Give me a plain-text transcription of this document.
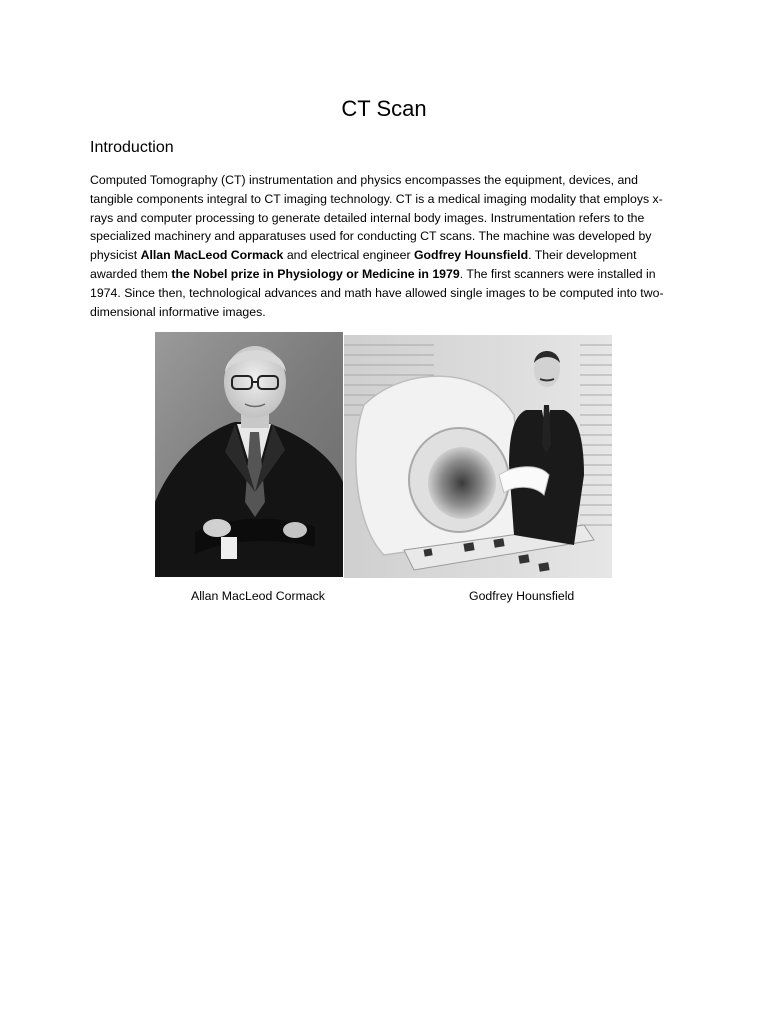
CT Scan
Introduction
Computed Tomography (CT) instrumentation and physics encompasses the equipment, devices, and tangible components integral to CT imaging technology. CT is a medical imaging modality that employs x-rays and computer processing to generate detailed internal body images. Instrumentation refers to the specialized machinery and apparatuses used for conducting CT scans. The machine was developed by physicist Allan MacLeod Cormack and electrical engineer Godfrey Hounsfield. Their development awarded them the Nobel prize in Physiology or Medicine in 1979. The first scanners were installed in 1974. Since then, technological advances and math have allowed single images to be computed into two-dimensional informative images.
Allan MacLeod Cormack	Godfrey Hounsfield
